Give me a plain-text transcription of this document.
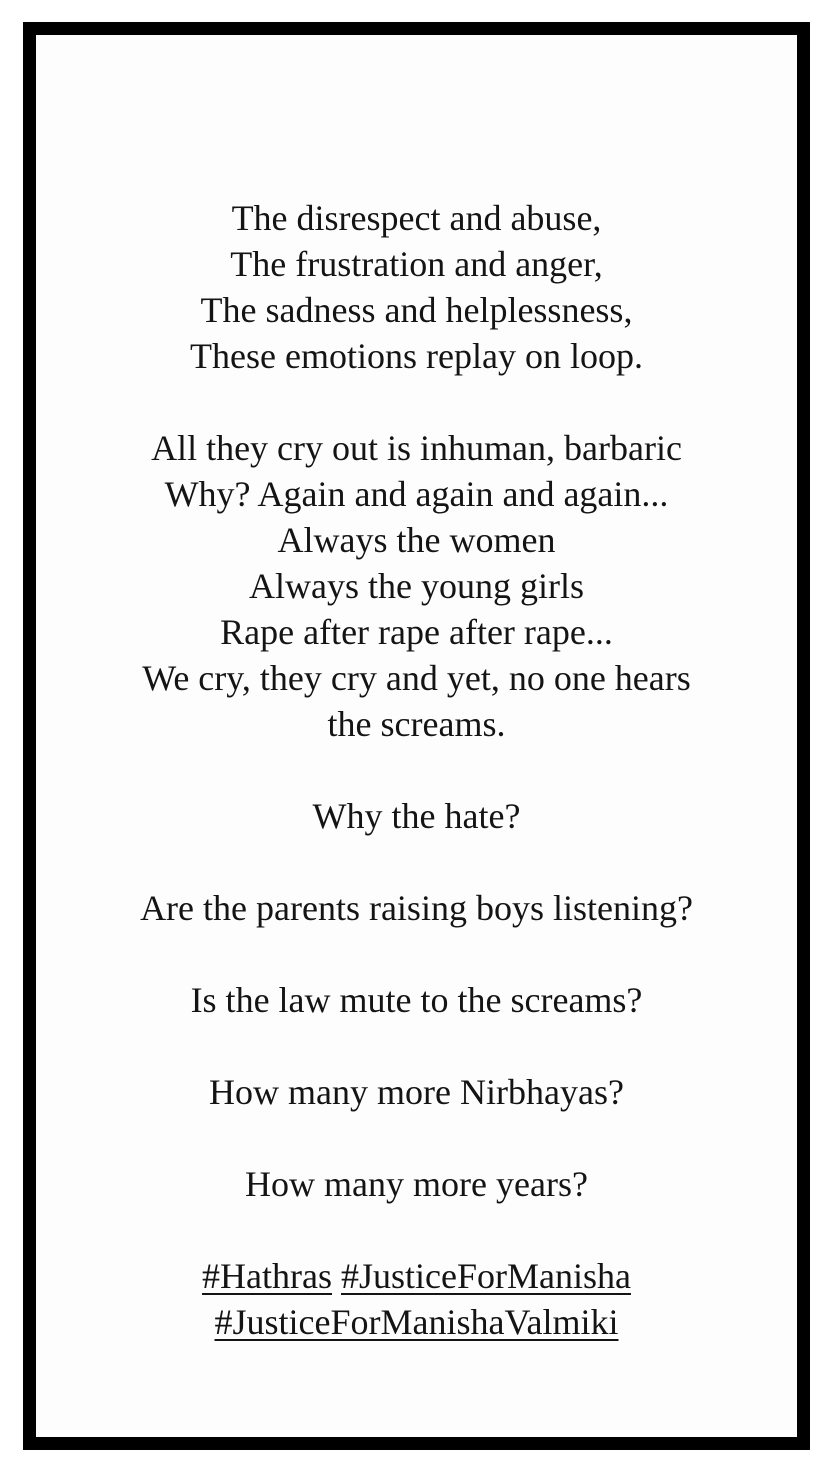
The disrespect and abuse,
The frustration and anger,
The sadness and helplessness,
These emotions replay on loop.
All they cry out is inhuman, barbaric
Why? Again and again and again...
Always the women
Always the young girls
Rape after rape after rape...
We cry, they cry and yet, no one hears
the screams.
Why the hate?
Are the parents raising boys listening?
Is the law mute to the screams?
How many more Nirbhayas?
How many more years?
#Hathras #JusticeForManisha
#JusticeForManishaValmiki
